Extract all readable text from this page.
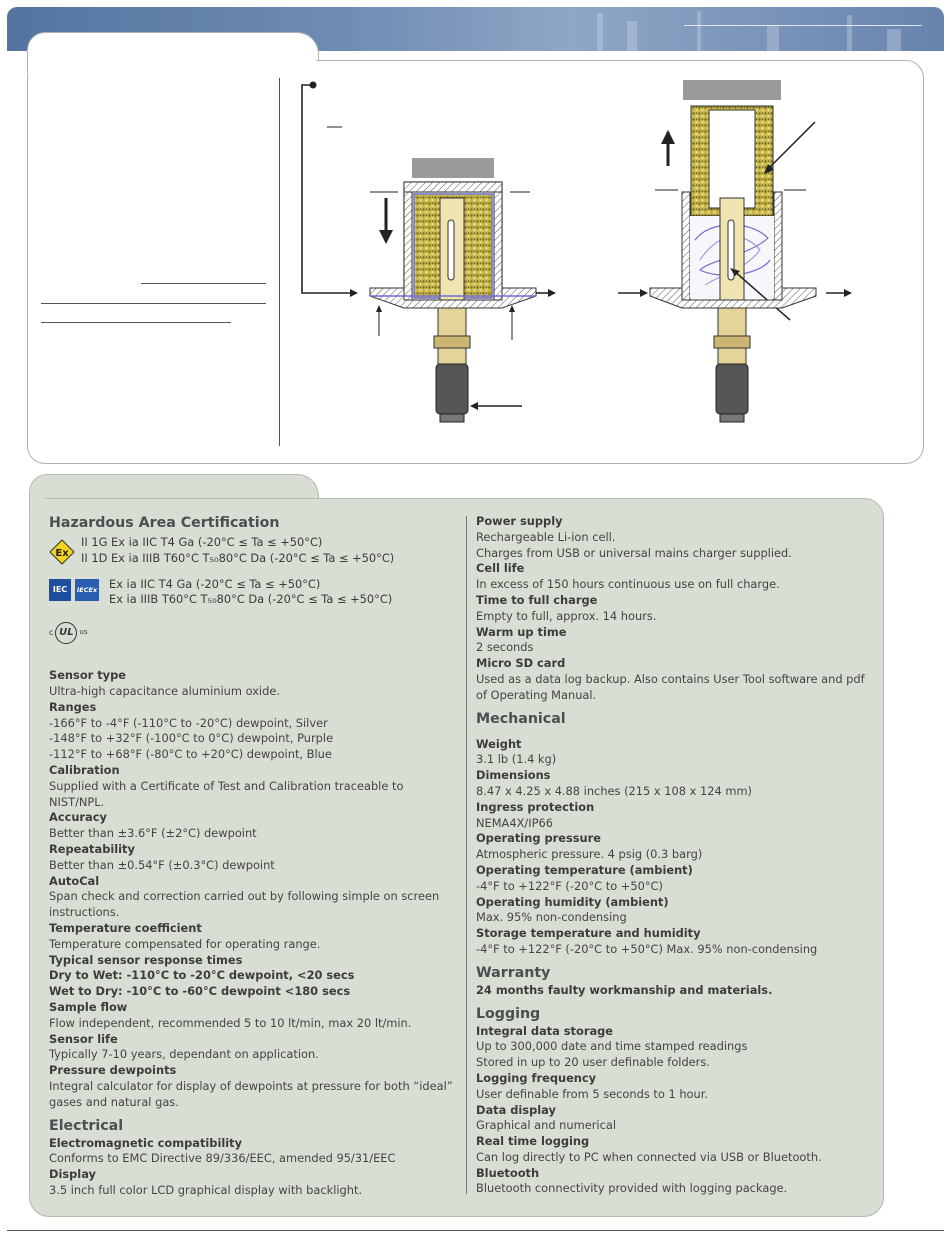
Hazardous Area Certification

Ex
II 1G Ex ia IIC T4 Ga (-20°C ≤ Ta ≤ +50°C)
II 1D Ex ia IIIB T60°C T₅₀80°C Da (-20°C ≤ Ta ≤ +50°C)
IEC	IECEx Ex ia IIC T4 Ga (-20°C ≤ Ta ≤ +50°C)
Ex ia IIIB T60°C T₅₀80°C Da (-20°C ≤ Ta ≤ +50°C)
c UL us
Sensor type
Ultra-high capacitance aluminium oxide.
Ranges
-166°F to -4°F (-110°C to -20°C) dewpoint, Silver
-148°F to +32°F (-100°C to 0°C) dewpoint, Purple
-112°F to +68°F (-80°C to +20°C) dewpoint, Blue
Calibration
Supplied with a Certificate of Test and Calibration traceable to NIST/NPL.
Accuracy
Better than ±3.6°F (±2°C) dewpoint
Repeatability
Better than ±0.54°F (±0.3°C) dewpoint
AutoCal
Span check and correction carried out by following simple on screen instructions.
Temperature coefficient
Temperature compensated for operating range.
Typical sensor response times
Dry to Wet: -110°C to -20°C dewpoint, <20 secs
Wet to Dry: -10°C to -60°C dewpoint <180 secs
Sample flow
Flow independent, recommended 5 to 10 lt/min, max 20 lt/min.
Sensor life
Typically 7-10 years, dependant on application.
Pressure dewpoints
Integral calculator for display of dewpoints at pressure for both “ideal” gases and natural gas.

Electrical

Electromagnetic compatibility
Conforms to EMC Directive 89/336/EEC, amended 95/31/EEC
Display
3.5 inch full color LCD graphical display with backlight.
Power supply
Rechargeable Li-ion cell.
Charges from USB or universal mains charger supplied.
Cell life
In excess of 150 hours continuous use on full charge.
Time to full charge
Empty to full, approx. 14 hours.
Warm up time
2 seconds
Micro SD card
Used as a data log backup. Also contains User Tool software and pdf of Operating Manual.

Mechanical

Weight
3.1 lb (1.4 kg)
Dimensions
8.47 x 4.25 x 4.88 inches (215 x 108 x 124 mm)
Ingress protection
NEMA4X/IP66
Operating pressure
Atmospheric pressure. 4 psig (0.3 barg)
Operating temperature (ambient)
-4°F to +122°F (-20°C to +50°C)
Operating humidity (ambient)
Max. 95% non-condensing
Storage temperature and humidity
-4°F to +122°F (-20°C to +50°C) Max. 95% non-condensing

Warranty

24 months faulty workmanship and materials.

Logging

Integral data storage
Up to 300,000 date and time stamped readings
Stored in up to 20 user definable folders.
Logging frequency
User definable from 5 seconds to 1 hour.
Data display
Graphical and numerical
Real time logging
Can log directly to PC when connected via USB or Bluetooth.
Bluetooth
Bluetooth connectivity provided with logging package.
